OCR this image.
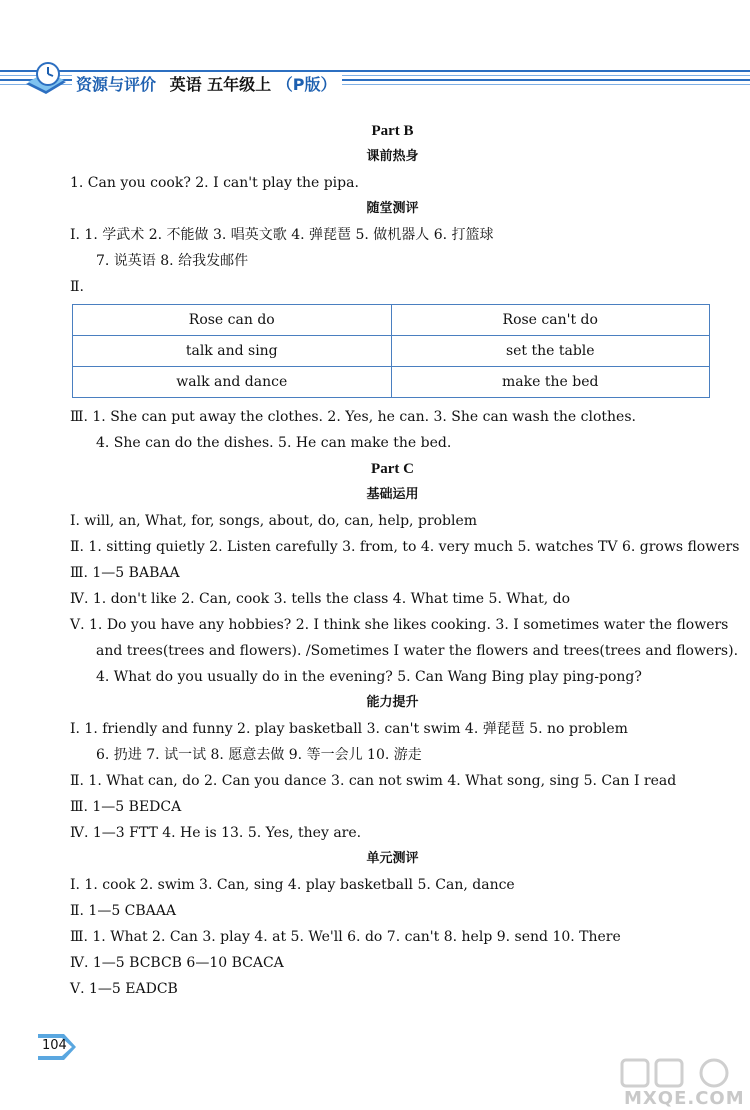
资源与评价 英语 五年级上 （P版）
Part B
课前热身
1. Can you cook? 2. I can't play the pipa.
随堂测评
Ⅰ. 1. 学武术 2. 不能做 3. 唱英文歌 4. 弹琵琶 5. 做机器人 6. 打篮球
7. 说英语 8. 给我发邮件
Ⅱ.
Rose can do	Rose can't do
talk and sing	set the table
walk and dance	make the bed
Ⅲ. 1. She can put away the clothes. 2. Yes, he can. 3. She can wash the clothes.
4. She can do the dishes. 5. He can make the bed.
Part C
基础运用
Ⅰ. will, an, What, for, songs, about, do, can, help, problem
Ⅱ. 1. sitting quietly 2. Listen carefully 3. from, to 4. very much 5. watches TV 6. grows flowers
Ⅲ. 1—5 BABAA
Ⅳ. 1. don't like 2. Can, cook 3. tells the class 4. What time 5. What, do
Ⅴ. 1. Do you have any hobbies? 2. I think she likes cooking. 3. I sometimes water the flowers
and trees(trees and flowers). /Sometimes I water the flowers and trees(trees and flowers).
4. What do you usually do in the evening? 5. Can Wang Bing play ping-pong?
能力提升
Ⅰ. 1. friendly and funny 2. play basketball 3. can't swim 4. 弹琵琶 5. no problem
6. 扔进 7. 试一试 8. 愿意去做 9. 等一会儿 10. 游走
Ⅱ. 1. What can, do 2. Can you dance 3. can not swim 4. What song, sing 5. Can I read
Ⅲ. 1—5 BEDCA
Ⅳ. 1—3 FTT 4. He is 13. 5. Yes, they are.
单元测评
Ⅰ. 1. cook 2. swim 3. Can, sing 4. play basketball 5. Can, dance
Ⅱ. 1—5 CBAAA
Ⅲ. 1. What 2. Can 3. play 4. at 5. We'll 6. do 7. can't 8. help 9. send 10. There
Ⅳ. 1—5 BCBCB 6—10 BCACA
Ⅴ. 1—5 EADCB
104
MXQE.COM
